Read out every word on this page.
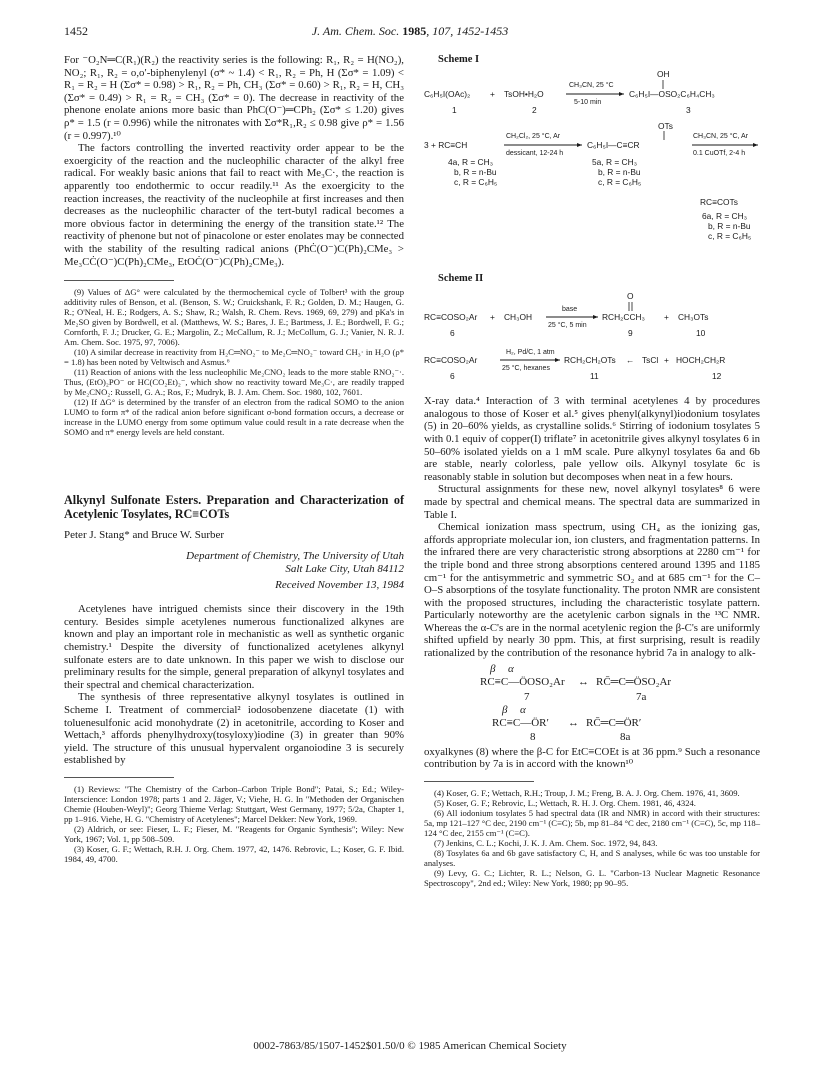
1452	J. Am. Chem. Soc. 1985, 107, 1452-1453

For ⁻O₂N═C(R₁)(R₂) the reactivity series is the following: R₁, R₂ = H(NO₂), NO₂; R₁, R₂ = o,o′-biphenylenyl (σ* ~ 1.4) < R₁, R₂ = Ph, H (Σσ* = 1.09) < R₁ = R₂ = H (Σσ* = 0.98) > R₁, R₂ = Ph, CH₃ (Σσ* = 0.60) > R₁, R₂ = H, CH₃ (Σσ* = 0.49) > R₁ = R₂ = CH₃ (Σσ* = 0). The decrease in reactivity of the phenone enolate anions more basic than PhC(O⁻)═CPh₂ (Σσ* ≤ 1.20) gives ρ* = 1.5 (r = 0.996) while the nitronates with Σσ*R₁,R₂ ≤ 0.98 give ρ* = 1.56 (r = 0.997).¹⁰

The factors controlling the inverted reactivity order appear to be the exoergicity of the reaction and the nucleophilic character of the alkyl free radical. For weakly basic anions that fail to react with Me₃C·, the reaction is apparently too endothermic to occur readily.¹¹ As the exoergicity to the reaction increases, the reactivity of the nucleophile at first increases and then decreases as the nucleophilic character of the tert-butyl radical becomes a more obvious factor in determining the energy of the transition state.¹² The reactivity of phenone but not of pinacolone or ester enolates may be connected with the stability of the resulting radical anions (PhĊ(O⁻)C(Ph)₂CMe₃ > Me₃CĊ(O⁻)C(Ph)₂CMe₃, EtOĊ(O⁻)C(Ph)₂CMe₃).

(9) Values of ΔG° were calculated by the thermochemical cycle of Tolbert³ with the group additivity rules of Benson, et al. (Benson, S. W.; Cruickshank, F. R.; Golden, D. M.; Haugen, G. R.; O'Neal, H. E.; Rodgers, A. S.; Shaw, R.; Walsh, R. Chem. Revs. 1969, 69, 279) and pKa's in Me₂SO given by Bordwell, et al. (Matthews, W. S.; Bares, J. E.; Bartmess, J. E.; Bordwell, F. G.; Cornforth, F. J.; Drucker, G. E.; Margolin, Z.; McCallum, R. J.; McCollum, G. J.; Vanier, N. R. J. Am. Chem. Soc. 1975, 97, 7006).

(10) A similar decrease in reactivity from H₂C═NO₂⁻ to Me₂C═NO₂⁻ toward CH₃· in H₂O (ρ* = 1.8) has been noted by Veltwisch and Asmus.⁶

(11) Reaction of anions with the less nucleophilic Me₂CNO₂ leads to the more stable RNO₂⁻·. Thus, (EtO)₂PO⁻ or HC(CO₂Et)₂⁻, which show no reactivity toward Me₃C·, are readily trapped by Me₂CNO₂: Russell, G. A.; Ros, F.; Mudryk, B. J. Am. Chem. Soc. 1980, 102, 7601.

(12) If ΔG° is determined by the transfer of an electron from the radical SOMO to the anion LUMO to form π* of the radical anion before significant σ-bond formation occurs, a decrease or increase in the LUMO energy from some optimum value could result in a rate decrease when the SOMO and π* energy levels are held constant.

Alkynyl Sulfonate Esters. Preparation and Characterization of Acetylenic Tosylates, RC≡COTs

Peter J. Stang* and Bruce W. Surber

Department of Chemistry, The University of Utah

Salt Lake City, Utah 84112

Received November 13, 1984

Acetylenes have intrigued chemists since their discovery in the 19th century. Besides simple acetylenes numerous functionalized alkynes are known and play an important role in mechanistic as well as synthetic organic chemistry.¹ Despite the diversity of functionalized acetylenes alkynyl sulfonate esters are to date unknown. In this paper we wish to disclose our preliminary results for the simple, general preparation of alkynyl tosylates and their spectral and chemical characterization.

The synthesis of three representative alkynyl tosylates is outlined in Scheme I. Treatment of commercial² iodosobenzene diacetate (1) with toluenesulfonic acid monohydrate (2) in acetonitrile, according to Koser and Wettach,³ affords phenylhydroxy(tosyloxy)iodine (3) in greater than 90% yield. The structure of this unusual hypervalent organoiodine 3 is securely established by

(1) Reviews: "The Chemistry of the Carbon–Carbon Triple Bond"; Patai, S.; Ed.; Wiley-Interscience: London 1978; parts 1 and 2. Jäger, V.; Viehe, H. G. In "Methoden der Organischen Chemie (Houben-Weyl)"; Georg Thieme Verlag: Stuttgart, West Germany, 1977; 5/2a, Chapter 1, pp 1–916. Viehe, H. G. "Chemistry of Acetylenes"; Marcel Dekker: New York, 1969.

(2) Aldrich, or see: Fieser, L. F.; Fieser, M. "Reagents for Organic Synthesis"; Wiley: New York, 1967; Vol. 1, pp 508–509.

(3) Koser, G. F.; Wettach, R.H. J. Org. Chem. 1977, 42, 1476. Rebrovic, L.; Koser, G. F. Ibid. 1984, 49, 4700.

Scheme I

C₆H₅I(OAc)₂ + TsOH•H₂O
CH₃CN, 25 °C
5-10 min
OH
C₆H₅I—OSO₂C₆H₄CH₃
1	2	3
OTs
3 + RC≡CH
CH₂Cl₂, 25 °C, Ar
dessicant, 12-24 h
C₆H₅I—C≡CR
CH₃CN, 25 °C, Ar
0.1 CuOTf, 2-4 h
4a, R = CH₃
b, R = n-Bu
c, R = C₆H₅
5a, R = CH₃
b, R = n-Bu
c, R = C₆H₅
RC≡COTs
6a, R = CH₃
b, R = n-Bu
c, R = C₆H₅

Scheme II

O
RC≡COSO₂Ar + CH₃OH
base
25 °C, 5 min
RCH₂CCH₃ + CH₃OTs
6	9	10
RC≡COSO₂Ar
H₂, Pd/C, 1 atm
25 °C, hexanes
RCH₂CH₂OTs ← TsCl + HOCH₂CH₂R
6	11	12

X-ray data.⁴ Interaction of 3 with terminal acetylenes 4 by procedures analogous to those of Koser et al.⁵ gives phenyl(alkynyl)iodonium tosylates (5) in 20–60% yields, as crystalline solids.⁶ Stirring of iodonium tosylates 5 with 0.1 equiv of copper(I) triflate⁷ in acetonitrile gives alkynyl tosylates 6 in 50–60% isolated yields on a 1 mM scale. Pure alkynyl tosylates 6a and 6b are stable, nearly colorless, pale yellow oils. Alkynyl tosylate 6c is reasonably stable in solution but decomposes when neat in a few hours.

Structural assignments for these new, novel alkynyl tosylates⁸ 6 were made by spectral and chemical means. The spectral data are summarized in Table I.

Chemical ionization mass spectrum, using CH₄ as the ionizing gas, affords appropriate molecular ion, ion clusters, and fragmentation patterns. In the infrared there are very characteristic strong absorptions at 2280 cm⁻¹ for the triple bond and three strong absorptions centered around 1395 and 1185 cm⁻¹ for the antisymmetric and symmetric SO₂ and at 685 cm⁻¹ for the C–O–S absorptions of the tosylate functionality. The proton NMR are consistent with the proposed structures, including the characteristic tosylate pattern. Particularly noteworthy are the acetylenic carbon signals in the ¹³C NMR. Whereas the α-C's are in the normal acetylenic region the β-C's are uniformly shifted upfield by nearly 30 ppm. This, at first surprising, result is readily rationalized by the contribution of the resonance hybrid 7a in analogy to alk-

β α
RC≡C—ÖOSO₂Ar ↔ RC̄═C═ÖSO₂Ar
7	7a
β α
RC≡C—ÖR′ ↔ RC̄═C═ÖR′
8	8a

oxyalkynes (8) where the β-C for EtC≡COEt is at 36 ppm.⁹ Such a resonance contribution by 7a is in accord with the known¹⁰

(4) Koser, G. F.; Wettach, R.H.; Troup, J. M.; Freng, B. A. J. Org. Chem. 1976, 41, 3609.

(5) Koser, G. F.; Rebrovic, L.; Wettach, R. H. J. Org. Chem. 1981, 46, 4324.

(6) All iodonium tosylates 5 had spectral data (IR and NMR) in accord with their structures: 5a, mp 121–127 °C dec, 2190 cm⁻¹ (C≡C); 5b, mp 81–84 °C dec, 2180 cm⁻¹ (C≡C), 5c, mp 118–124 °C dec, 2155 cm⁻¹ (C≡C).

(7) Jenkins, C. L.; Kochi, J. K. J. Am. Chem. Soc. 1972, 94, 843.

(8) Tosylates 6a and 6b gave satisfactory C, H, and S analyses, while 6c was too unstable for analyses.

(9) Levy, G. C.; Lichter, R. L.; Nelson, G. L. "Carbon-13 Nuclear Magnetic Resonance Spectroscopy", 2nd ed.; Wiley: New York, 1980; pp 90–95.

0002-7863/85/1507-1452$01.50/0 © 1985 American Chemical Society
